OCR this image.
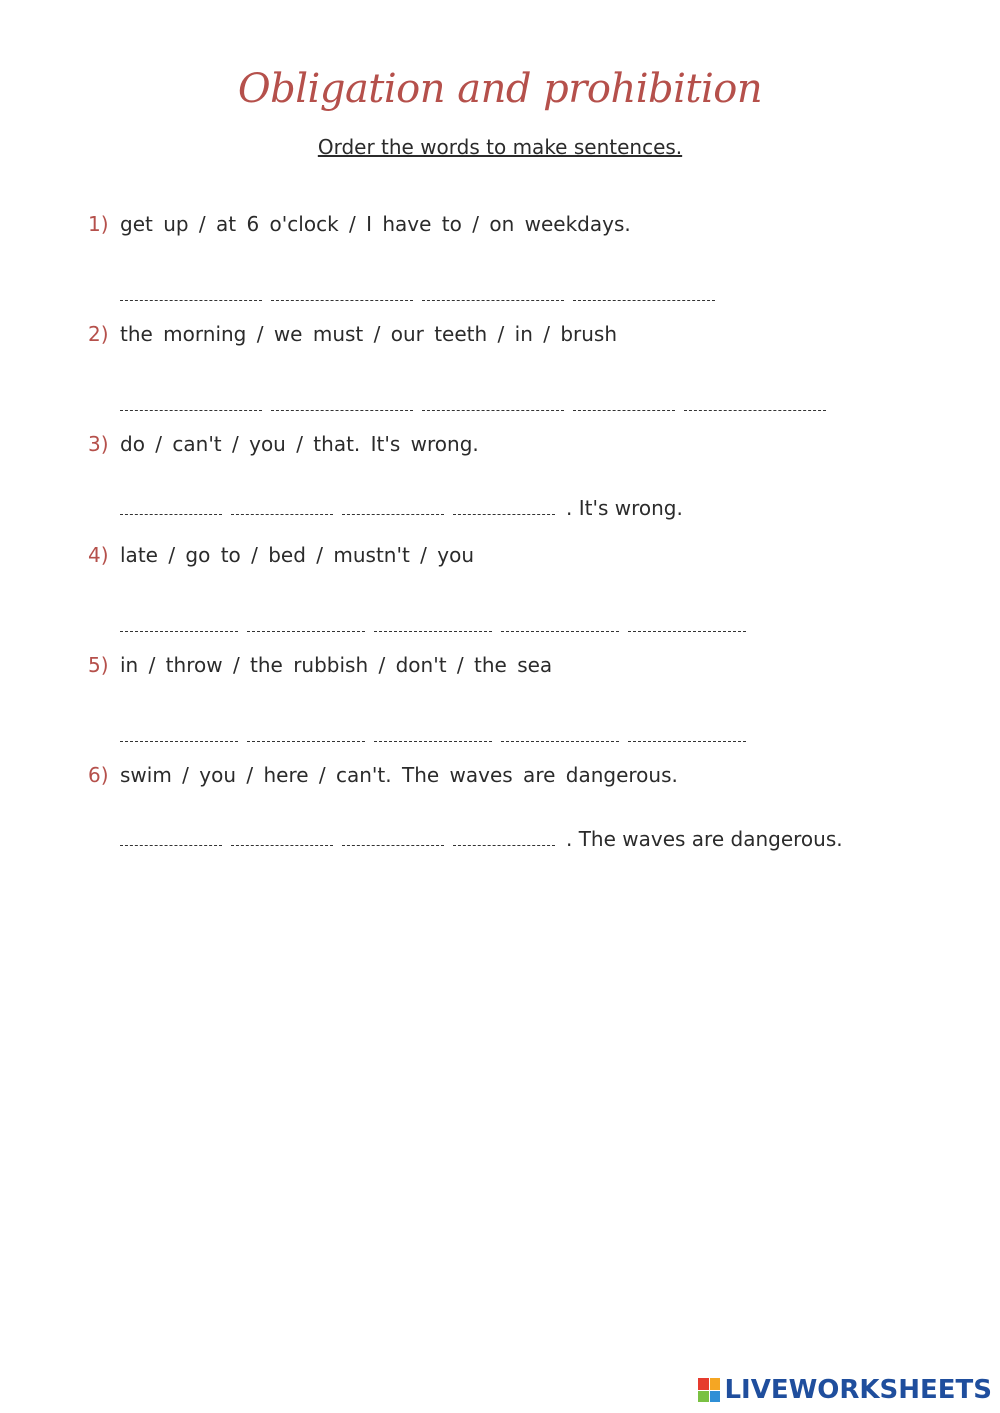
Obligation and prohibition

Order the words to make sentences.

1) get up / at 6 o'clock / I have to / on weekdays.
2) the morning / we must / our teeth / in / brush
3) do / can't / you / that. It's wrong.
. It's wrong.
4) late / go to / bed / mustn't / you
5) in / throw / the rubbish / don't / the sea
6) swim / you / here / can't. The waves are dangerous.
. The waves are dangerous.
LIVEWORKSHEETS
